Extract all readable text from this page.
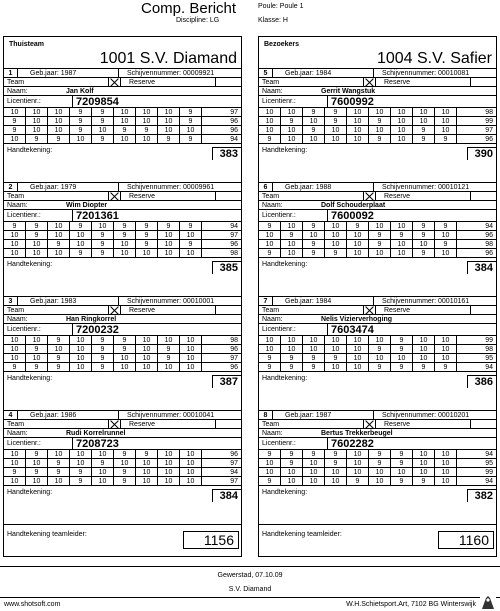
Comp. Bericht
Discipline: LG
Poule: Poule 1
Klasse: H
Thuisteam
1001 S.V. Diamand
1	Geb.jaar: 1987	Schijvennummer: 00009921
Team	Reserve
Naam:	Jan Kolf
Licentienr.:	7209854
10	10	10	9	9	10	10	10	9	97
9	10	10	9	9	10	10	10	9	96
9	10	10	9	10	9	9	10	10	96
10	9	9	10	9	10	10	9	9	94
Handtekening:	383
2	Geb.jaar: 1979	Schijvennummer: 00009961
Team	Reserve
Naam:	Wim Diopter
Licentienr.:	7201361
9	9	10	9	10	9	9	9	9	94
10	9	10	10	9	9	9	10	10	97
10	10	9	10	9	10	9	10	9	96
10	10	10	9	9	10	10	10	10	98
Handtekening:	385
3	Geb.jaar: 1983	Schijvennummer: 00010001
Team	Reserve
Naam:	Han Ringkorrel
Licentienr.:	7200232
10	10	9	10	9	9	10	10	10	98
10	9	10	10	9	9	10	9	10	96
10	10	9	10	9	10	10	9	10	97
9	9	9	10	9	10	10	10	10	96
Handtekening:	387
4	Geb.jaar: 1986	Schijvennummer: 00010041
Team	Reserve
Naam:	Rudi Korrelrunnel
Licentienr.:	7208723
10	9	10	10	10	9	9	10	10	96
10	10	9	10	9	10	10	10	10	97
9	9	9	9	10	9	10	10	10	94
10	10	10	9	10	9	10	10	10	97
Handtekening:	384
Handtekening teamleider:	1156
Bezoekers
1004 S.V. Safier
5	Geb.jaar: 1984	Schijvennummer: 00010081
Team	Reserve
Naam:	Gerrit Wangstuk
Licentienr.:	7600992
10	10	9	9	10	10	10	10	10	98
10	9	10	9	10	9	10	10	10	99
10	10	9	10	10	10	10	9	10	97
9	10	10	10	10	9	10	9	9	96
Handtekening:	390
6	Geb.jaar: 1988	Schijvennummer: 00010121
Team	Reserve
Naam:	Dolf Schouderplaat
Licentienr.:	7600092
9	10	9	10	9	10	10	9	9	94
10	9	10	10	10	9	9	9	10	96
10	10	9	10	10	9	10	10	9	98
9	10	9	9	10	10	10	9	10	96
Handtekening:	384
7	Geb.jaar: 1984	Schijvennummer: 00010161
Team	Reserve
Naam:	Nelis Vizierverhoging
Licentienr.:	7603474
10	10	10	10	10	10	9	10	10	99
10	10	10	10	10	9	9	10	10	98
9	9	9	9	10	10	10	10	10	95
9	9	9	10	10	9	9	9	9	94
Handtekening:	386
8	Geb.jaar: 1987	Schijvennummer: 00010201
Team	Reserve
Naam:	Bertus Trekkerbeugel
Licentienr.:	7602282
9	9	9	9	10	9	9	10	10	94
10	9	10	9	10	9	9	10	10	95
10	10	10	10	10	10	10	10	10	99
9	10	10	10	9	10	9	9	10	94
Handtekening:	382
Handtekening teamleider:	1160
Gewerstad, 07.10.09
S.V. Diamand
www.shotsoft.com	W.H.Schietsport.Art, 7102 BG Winterswijk
